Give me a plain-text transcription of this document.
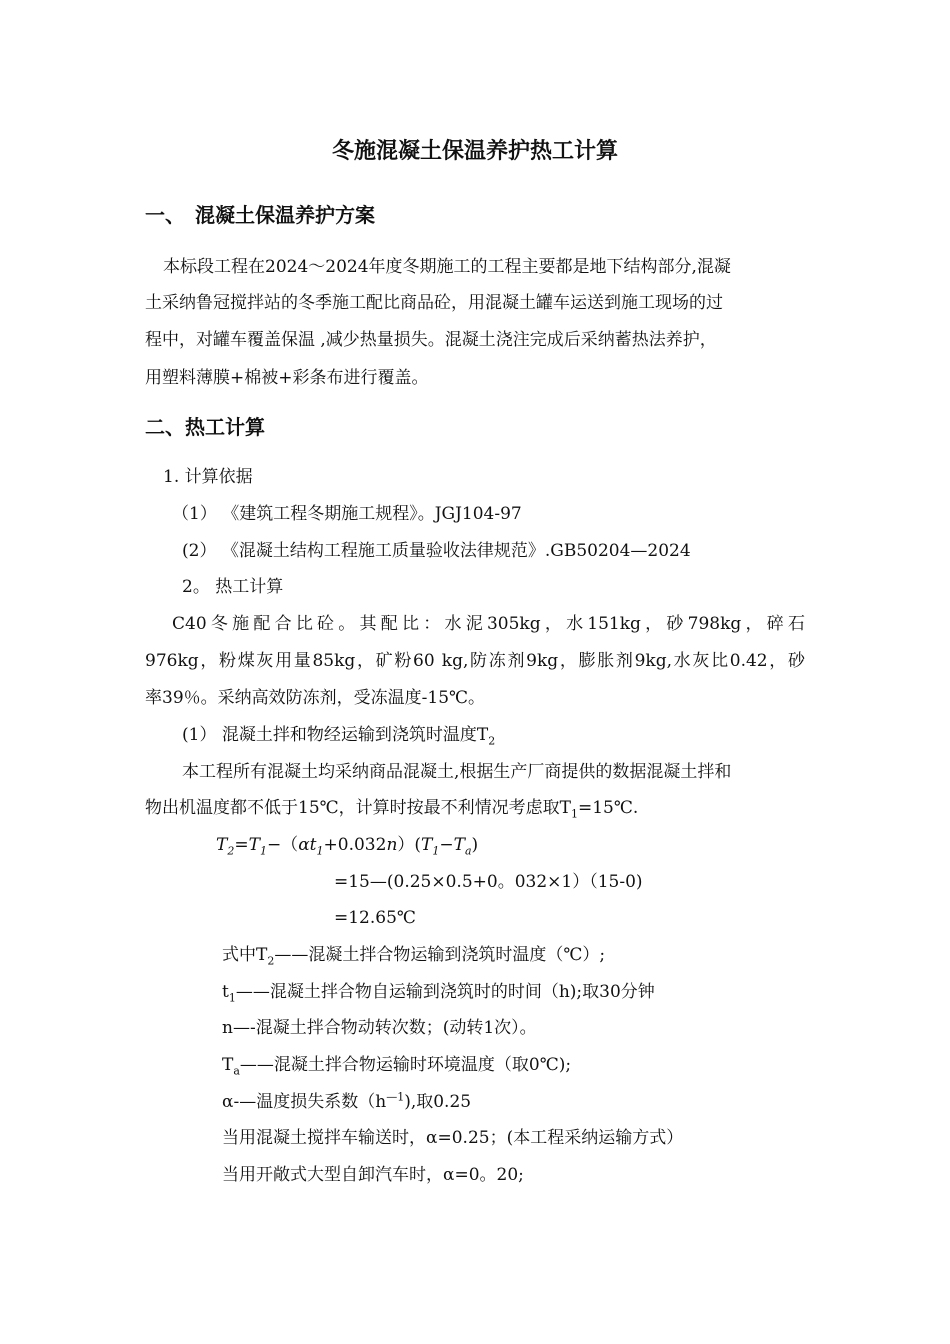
冬施混凝土保温养护热工计算
一、　混凝土保温养护方案
本标段工程在2024～2024年度冬期施工的工程主要都是地下结构部分,混凝
土采纳鲁冠搅拌站的冬季施工配比商品砼，用混凝土罐车运送到施工现场的过
程中，对罐车覆盖保温 ,减少热量损失。混凝土浇注完成后采纳蓄热法养护，
用塑料薄膜+棉被+彩条布进行覆盖。
二、热工计算
1. 计算依据
（1） 《建筑工程冬期施工规程》。JGJ104-97
(2） 《混凝土结构工程施工质量验收法律规范》.GB50204—2024
2。 热工计算
C40冬施配合比砼。其配比：水泥305kg，水151kg，砂798kg，碎石
976kg，粉煤灰用量85kg，矿粉60 kg,防冻剂9kg，膨胀剂9kg,水灰比0.42，砂
率39％。采纳高效防冻剂，受冻温度-15℃。
(1） 混凝土拌和物经运输到浇筑时温度$T_2$
本工程所有混凝土均采纳商品混凝土,根据生产厂商提供的数据混凝土拌和
物出机温度都不低于15℃，计算时按最不利情况考虑取$T_1=15℃$.
$T_2=T_1-(\alpha t_1+0.032n)(T_1-T_a)$
=15—(0.25×0.5+0。032×1）（15-0)
=12.65℃
式中$T_2——$混凝土拌合物运输到浇筑时温度（℃）;
$t_1——$混凝土拌合物自运输到浇筑时的时间（h);取30分钟
n—-混凝土拌合物动转次数；(动转1次）。
$T_a——$混凝土拌合物运输时环境温度（取0℃);
α-—温度损失系数$(h^{—1})$,取0.25
当用混凝土搅拌车输送时，α=0.25；(本工程采纳运输方式）
当用开敞式大型自卸汽车时，α=0。20;
